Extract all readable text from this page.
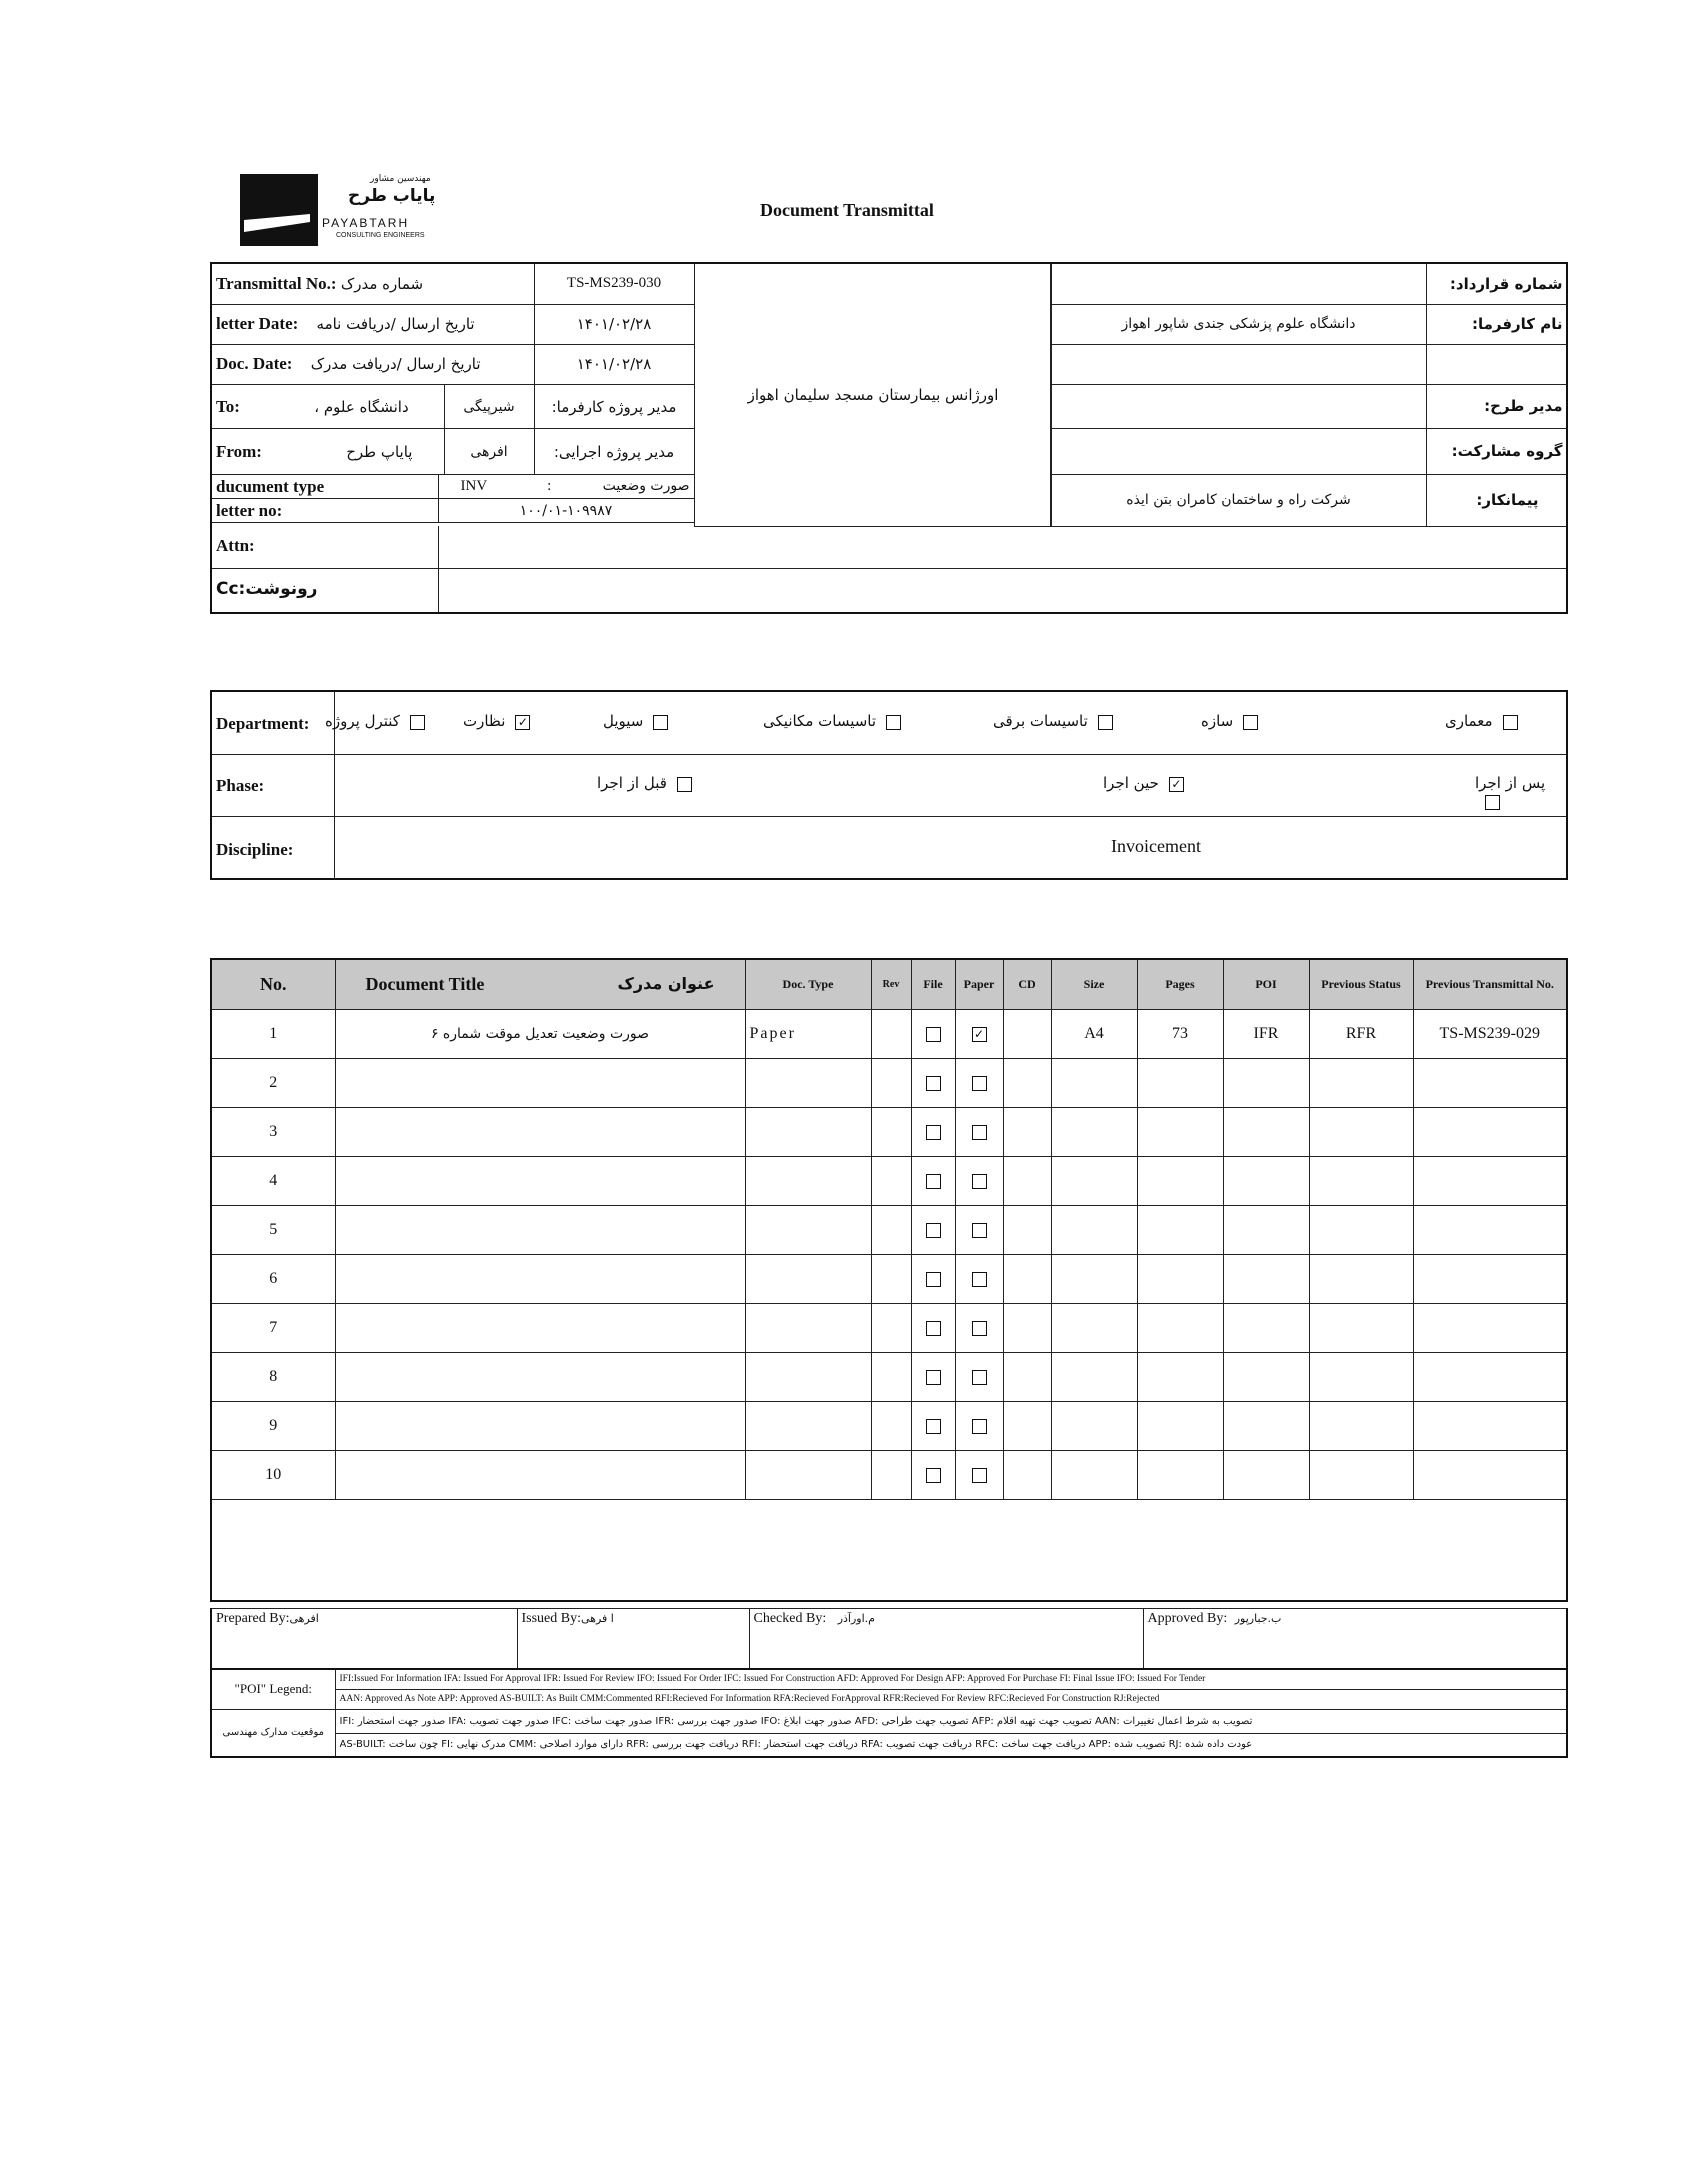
مهندسین مشاور
پایاب طرح
PAYABTARH
CONSULTING ENGINEERS
Document Transmittal
Transmittal No.: شماره مدرک	TS-MS239-030
letter Date: تاریخ ارسال /دریافت نامه	۱۴۰۱/۰۲/۲۸
Doc. Date: تاریخ ارسال /دریافت مدرک	۱۴۰۱/۰۲/۲۸
To: دانشگاه علوم ،	شیرپیگی	مدیر پروژه کارفرما:
From: پایاپ طرح	افرهی	مدیر پروژه اجرایی:
ducument type	INV : صورت وضعیت

letter no:	۱۰۰/۰۱-۱۰۹۹۸۷
اورژانس بیمارستان مسجد سلیمان اهواز
	شماره قرارداد:
دانشگاه علوم پزشکی جندی شاپور اهواز	نام کارفرما:

	مدیر طرح:
	گروه مشارکت:
شرکت راه و ساختمان کامران بتن ایذه	پیمانکار:
Attn:
Cc:رونوشت
Department:	معماری
سازه
تاسیسات برقی
تاسیسات مکانیکی
سیویل
نظارت ✓
کنترل پروژه
Phase:	پس از اجرا
حین اجرا ✓
قبل از اجرا
Discipline:	Invoicement
No.	Document Title عنوان مدرک	Doc. Type	Rev	File	Paper	CD	Size	Pages	POI	Previous Status	Previous Transmittal No.
1	صورت وضعیت تعدیل موقت شماره ۶	Paper			✓		A4	73	IFR	RFR	TS-MS239-029
2											
3											
4											
5											
6											
7											
8											
9											
10											

Prepared By:افرهی	Issued By:ا فرهی	Checked By: م.اورآذر	Approved By: ب.جبارپور
"POI" Legend:	IFI:Issued For Information IFA: Issued For Approval IFR: Issued For Review IFO: Issued For Order IFC: Issued For Construction AFD: Approved For Design AFP: Approved For Purchase FI: Final Issue IFO: Issued For Tender
	AAN: Approved As Note APP: Approved AS-BUILT: As Built CMM:Commented RFI:Recieved For Information RFA:Recieved ForApproval RFR:Recieved For Review RFC:Recieved For Construction RJ:Rejected
موقعیت مدارک مهندسی	IFI: صدور جهت استحضار IFA: صدور جهت تصویب IFC: صدور جهت ساخت IFR: صدور جهت بررسی IFO: صدور جهت ابلاغ AFD: تصویب جهت طراحی AFP: تصویب جهت تهیه اقلام AAN: تصویب به شرط اعمال تغییرات
	AS-BUILT: چون ساخت FI: مدرک نهایی CMM: دارای موارد اصلاحی RFR: دریافت جهت بررسی RFI: دریافت جهت استحضار RFA: دریافت جهت تصویب RFC: دریافت جهت ساخت APP: تصویب شده RJ: عودت داده شده
